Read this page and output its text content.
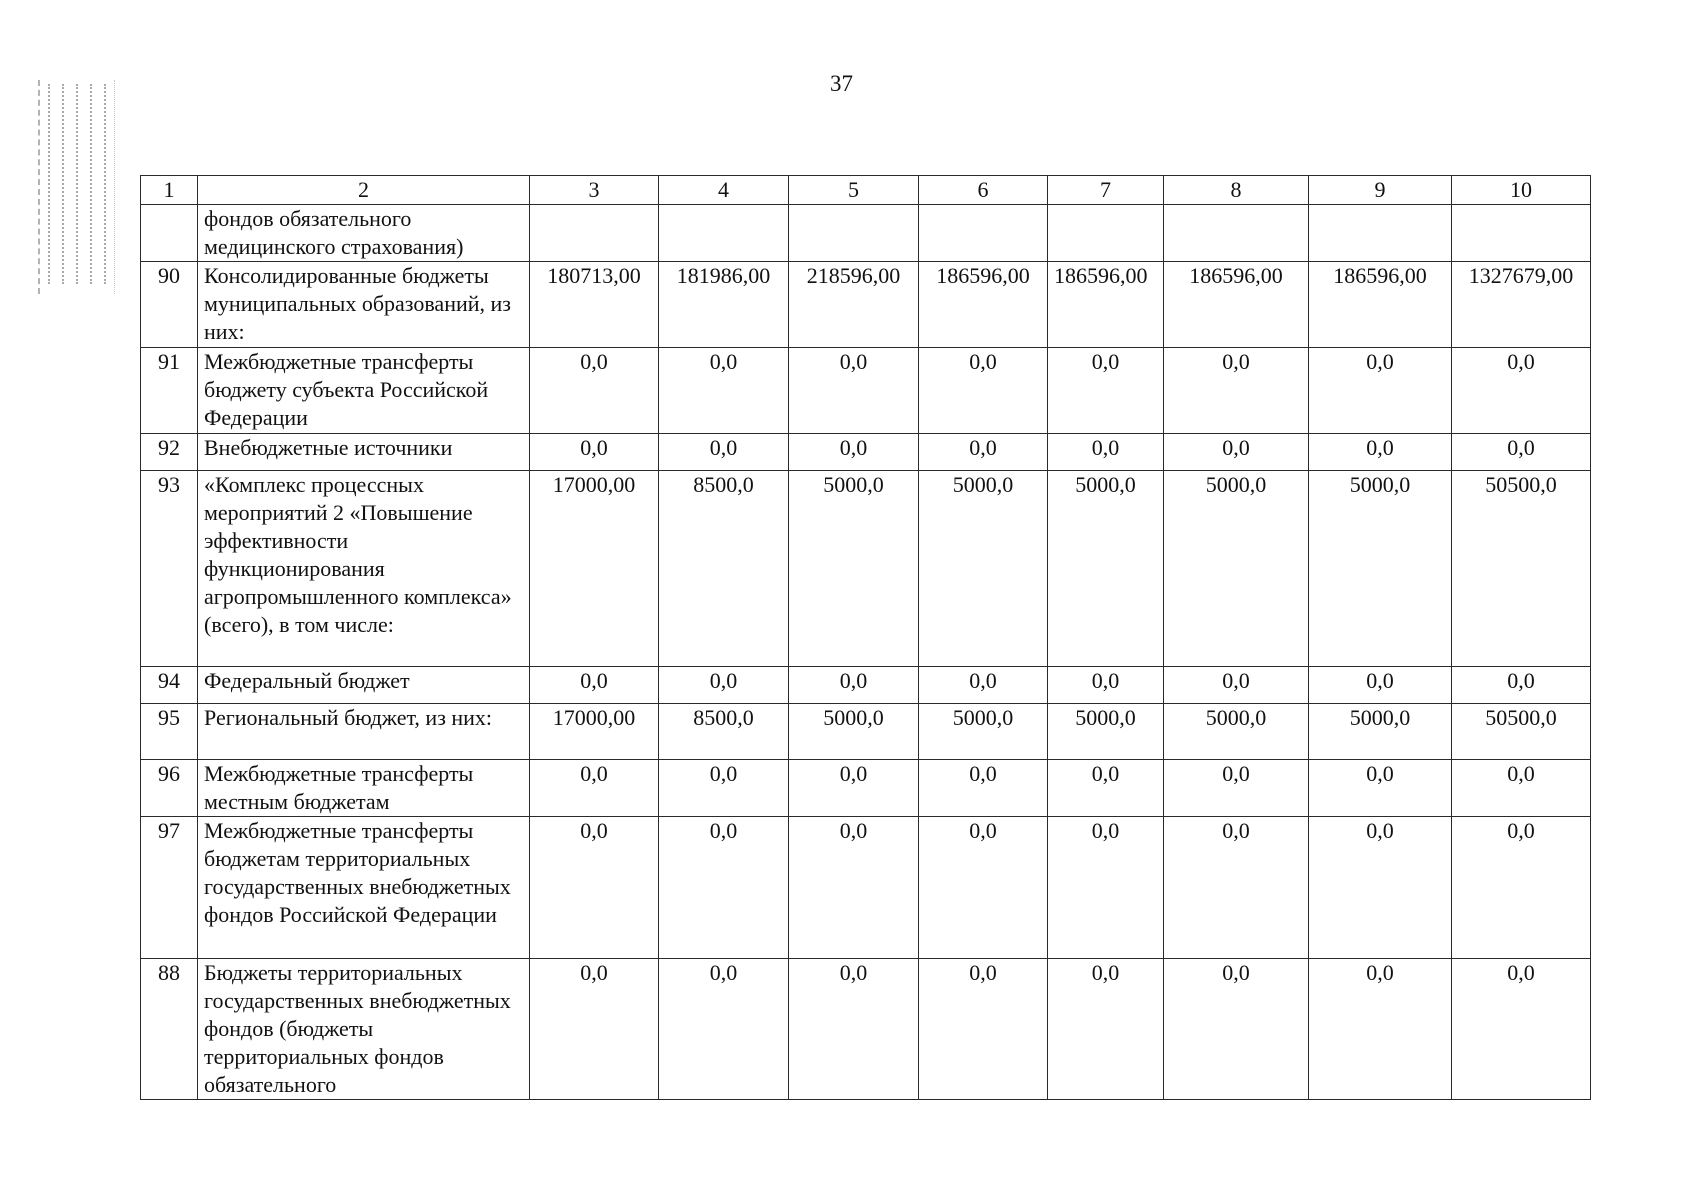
37
1	2	3	4	5	6	7	8	9	10
	фондов обязательного медицинского страхования)								
90	Консолидированные бюджеты муниципальных образований, из них:	180713,00	181986,00	218596,00	186596,00	186596,00	186596,00	186596,00	1327679,00
91	Межбюджетные трансферты бюджету субъекта Российской Федерации	0,0	0,0	0,0	0,0	0,0	0,0	0,0	0,0
92	Внебюджетные источники	0,0	0,0	0,0	0,0	0,0	0,0	0,0	0,0
93	«Комплекс процессных мероприятий 2 «Повышение эффективности функционирования агропромышленного комплекса» (всего), в том числе:	17000,00	8500,0	5000,0	5000,0	5000,0	5000,0	5000,0	50500,0
94	Федеральный бюджет	0,0	0,0	0,0	0,0	0,0	0,0	0,0	0,0
95	Региональный бюджет, из них:	17000,00	8500,0	5000,0	5000,0	5000,0	5000,0	5000,0	50500,0
96	Межбюджетные трансферты местным бюджетам	0,0	0,0	0,0	0,0	0,0	0,0	0,0	0,0
97	Межбюджетные трансферты бюджетам территориальных государственных внебюджетных фондов Российской Федерации	0,0	0,0	0,0	0,0	0,0	0,0	0,0	0,0
88	Бюджеты территориальных государственных внебюджетных фондов (бюджеты территориальных фондов обязательного	0,0	0,0	0,0	0,0	0,0	0,0	0,0	0,0
